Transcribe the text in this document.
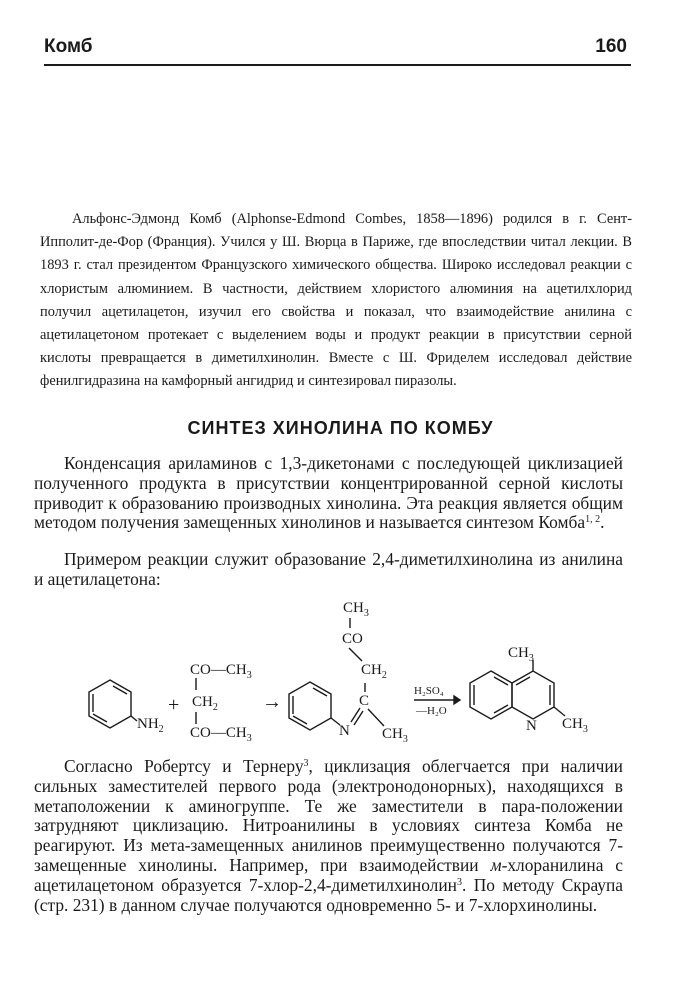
Комб	160

Альфонс-Эдмонд Комб (Alphonse-Edmond Combes, 1858—1896) родился в г. Сент-Ипполит-де-Фор (Франция). Учился у Ш. Вюрца в Париже, где впоследствии читал лекции. В 1893 г. стал президентом Французского химического общества. Широко исследовал реакции с хлористым алюминием. В частности, действием хлористого алюминия на ацетилхлорид получил ацетилацетон, изучил его свойства и показал, что взаимодействие анилина с ацетилацетоном протекает с выделением воды и продукт реакции в присутствии серной кислоты превращается в диметилхинолин. Вместе с Ш. Фриделем исследовал действие фенилгидразина на камфорный ангидрид и синтезировал пиразолы.

СИНТЕЗ ХИНОЛИНА ПО КОМБУ

Конденсация ариламинов с 1,3-дикетонами с последующей циклизацией полученного продукта в присутствии концентрированной серной кислоты приводит к образованию производных хинолина. Эта реакция является общим методом получения замещенных хинолинов и называется синтезом Комба$^{1, 2}$.

Примером реакции служит образование 2,4-диметилхинолина из анилина и ацетилацетона:

$NH_2$
+
$CO—CH_3$
$CH_2$
$CO—CH_3$
→
N
C
$CH_3$
$CH_2$
CO
$CH_3$
H₂SO₄
—H₂O
$CH_3$
N $CH_3$

Согласно Робертсу и Тернеру$^3$, циклизация облегчается при наличии сильных заместителей первого рода (электронодонорных), находящихся в метаположении к аминогруппе. Те же заместители в пара-положении затрудняют циклизацию. Нитроанилины в условиях синтеза Комба не реагируют. Из мета-замещенных анилинов преимущественно получаются 7-замещенные хинолины. Например, при взаимодействии м-хлоранилина с ацетилацетоном образуется 7-хлор-2,4-диметилхинолин$^3$. По методу Скраупа (стр. 231) в данном случае получаются одновременно 5- и 7-хлорхинолины.
